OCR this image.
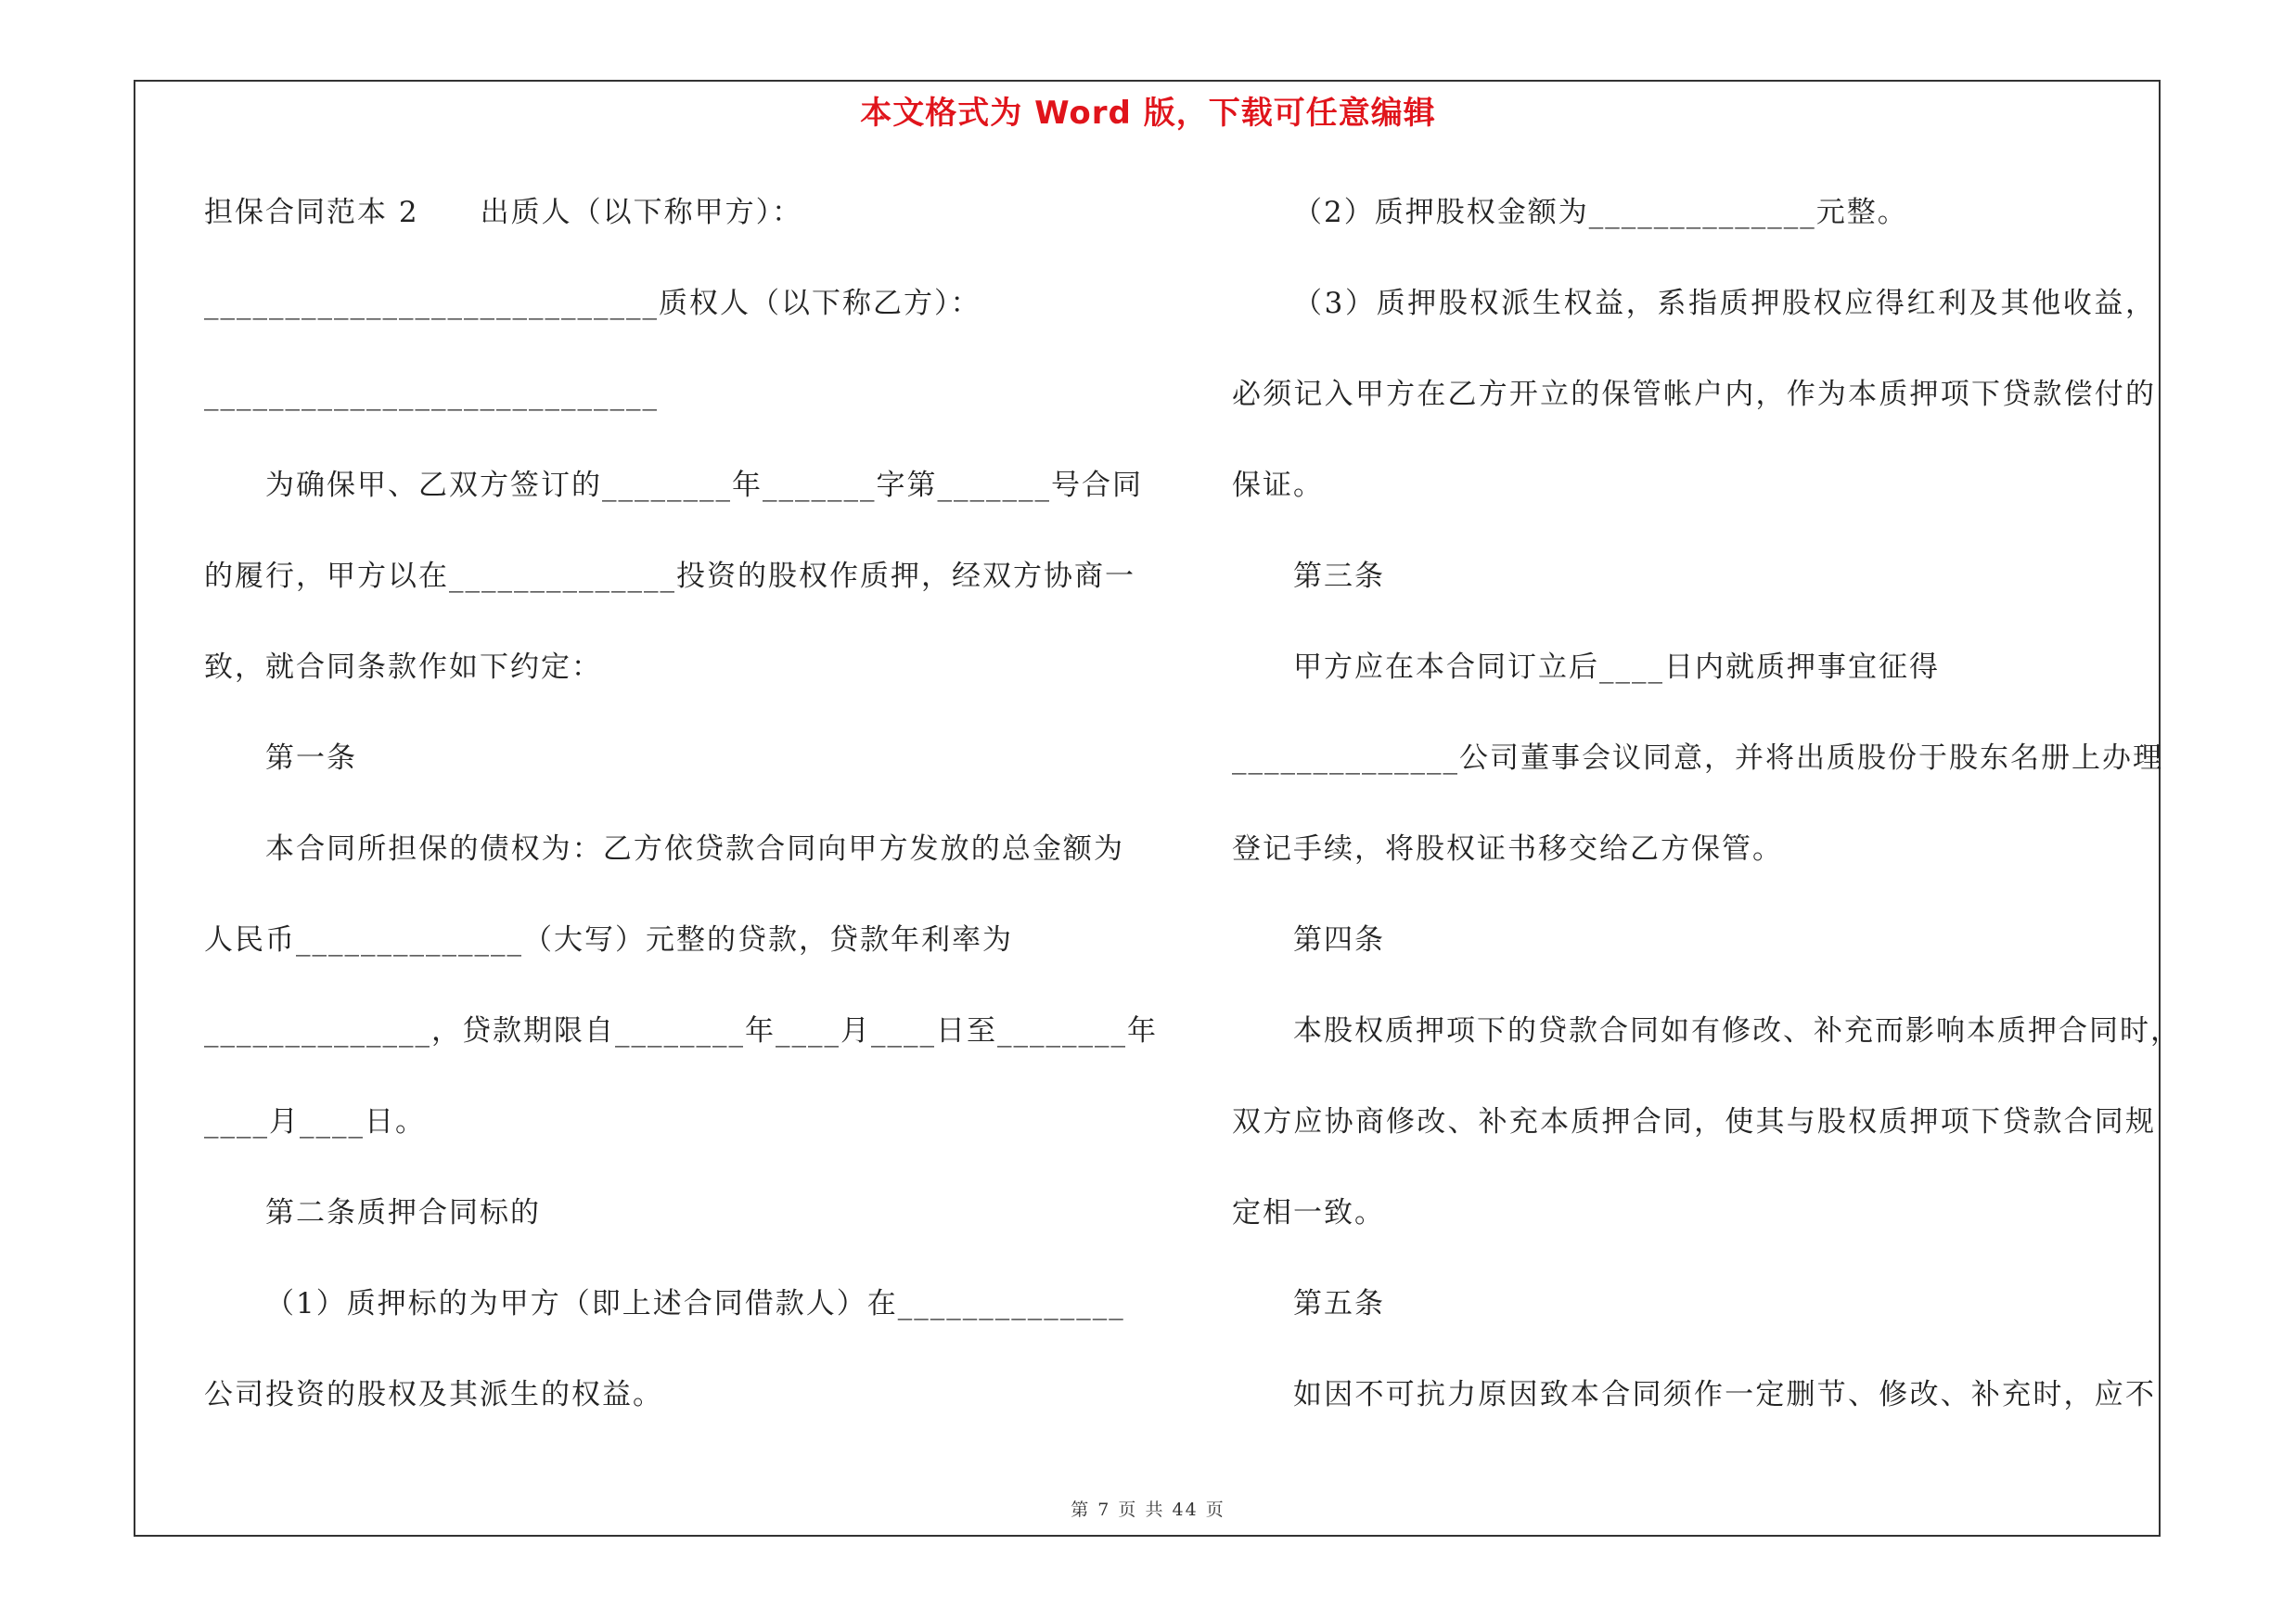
本文格式为 Word 版，下载可任意编辑
担保合同范本 2　　出质人（以下称甲方）：
____________________________质权人（以下称乙方）：
____________________________
为确保甲、乙双方签订的________年_______字第_______号合同
的履行，甲方以在______________投资的股权作质押，经双方协商一
致，就合同条款作如下约定：
第一条
本合同所担保的债权为：乙方依贷款合同向甲方发放的总金额为
人民币______________（大写）元整的贷款，贷款年利率为
______________，贷款期限自________年____月____日至________年
____月____日。
第二条质押合同标的
（1）质押标的为甲方（即上述合同借款人）在______________
公司投资的股权及其派生的权益。
（2）质押股权金额为______________元整。
（3）质押股权派生权益，系指质押股权应得红利及其他收益，
必须记入甲方在乙方开立的保管帐户内，作为本质押项下贷款偿付的
保证。
第三条
甲方应在本合同订立后____日内就质押事宜征得
______________公司董事会议同意，并将出质股份于股东名册上办理
登记手续，将股权证书移交给乙方保管。
第四条
本股权质押项下的贷款合同如有修改、补充而影响本质押合同时，
双方应协商修改、补充本质押合同，使其与股权质押项下贷款合同规
定相一致。
第五条
如因不可抗力原因致本合同须作一定删节、修改、补充时，应不
第 7 页 共 44 页
